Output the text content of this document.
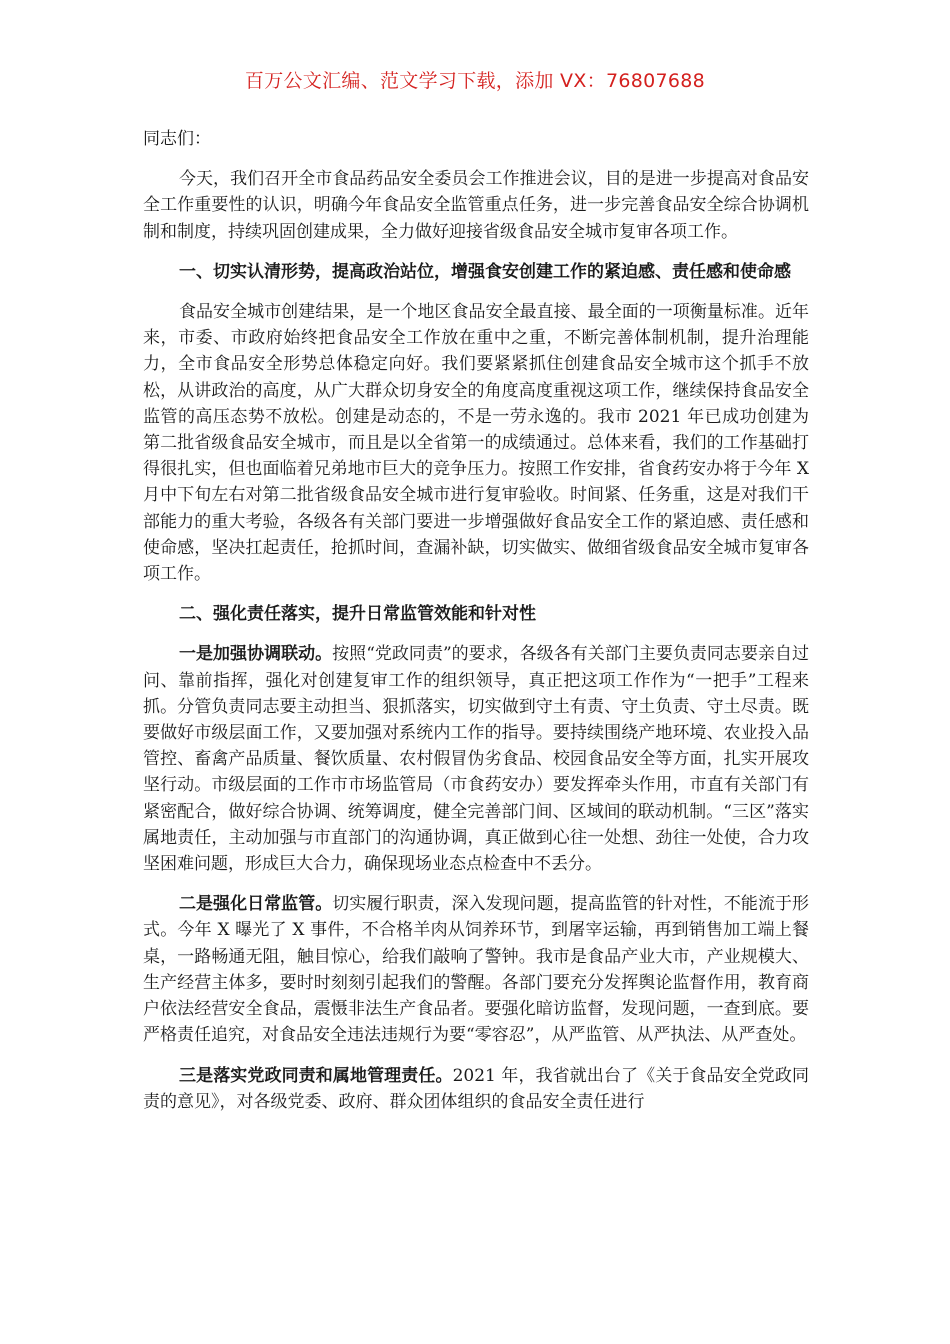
百万公文汇编、范文学习下载，添加 VX：76807688

同志们：

今天，我们召开全市食品药品安全委员会工作推进会议，目的是进一步提高对食品安全工作重要性的认识，明确今年食品安全监管重点任务，进一步完善食品安全综合协调机制和制度，持续巩固创建成果，全力做好迎接省级食品安全城市复审各项工作。

一、切实认清形势，提高政治站位，增强食安创建工作的紧迫感、责任感和使命感

食品安全城市创建结果，是一个地区食品安全最直接、最全面的一项衡量标准。近年来，市委、市政府始终把食品安全工作放在重中之重，不断完善体制机制，提升治理能力，全市食品安全形势总体稳定向好。我们要紧紧抓住创建食品安全城市这个抓手不放松，从讲政治的高度，从广大群众切身安全的角度高度重视这项工作，继续保持食品安全监管的高压态势不放松。创建是动态的，不是一劳永逸的。我市 2021 年已成功创建为第二批省级食品安全城市，而且是以全省第一的成绩通过。总体来看，我们的工作基础打得很扎实，但也面临着兄弟地市巨大的竞争压力。按照工作安排，省食药安办将于今年 X 月中下旬左右对第二批省级食品安全城市进行复审验收。时间紧、任务重，这是对我们干部能力的重大考验，各级各有关部门要进一步增强做好食品安全工作的紧迫感、责任感和使命感，坚决扛起责任，抢抓时间，查漏补缺，切实做实、做细省级食品安全城市复审各项工作。

二、强化责任落实，提升日常监管效能和针对性

一是加强协调联动。按照“党政同责”的要求，各级各有关部门主要负责同志要亲自过问、靠前指挥，强化对创建复审工作的组织领导，真正把这项工作作为“一把手”工程来抓。分管负责同志要主动担当、狠抓落实，切实做到守土有责、守土负责、守土尽责。既要做好市级层面工作，又要加强对系统内工作的指导。要持续围绕产地环境、农业投入品管控、畜禽产品质量、餐饮质量、农村假冒伪劣食品、校园食品安全等方面，扎实开展攻坚行动。市级层面的工作市市场监管局（市食药安办）要发挥牵头作用，市直有关部门有紧密配合，做好综合协调、统筹调度，健全完善部门间、区域间的联动机制。“三区”落实属地责任，主动加强与市直部门的沟通协调，真正做到心往一处想、劲往一处使，合力攻坚困难问题，形成巨大合力，确保现场业态点检查中不丢分。

二是强化日常监管。切实履行职责，深入发现问题，提高监管的针对性，不能流于形式。今年 X 曝光了 X 事件，不合格羊肉从饲养环节，到屠宰运输，再到销售加工端上餐桌，一路畅通无阻，触目惊心，给我们敲响了警钟。我市是食品产业大市，产业规模大、生产经营主体多，要时时刻刻引起我们的警醒。各部门要充分发挥舆论监督作用，教育商户依法经营安全食品，震慑非法生产食品者。要强化暗访监督，发现问题，一查到底。要严格责任追究，对食品安全违法违规行为要“零容忍”，从严监管、从严执法、从严查处。

三是落实党政同责和属地管理责任。2021 年，我省就出台了《关于食品安全党政同责的意见》，对各级党委、政府、群众团体组织的食品安全责任进行
